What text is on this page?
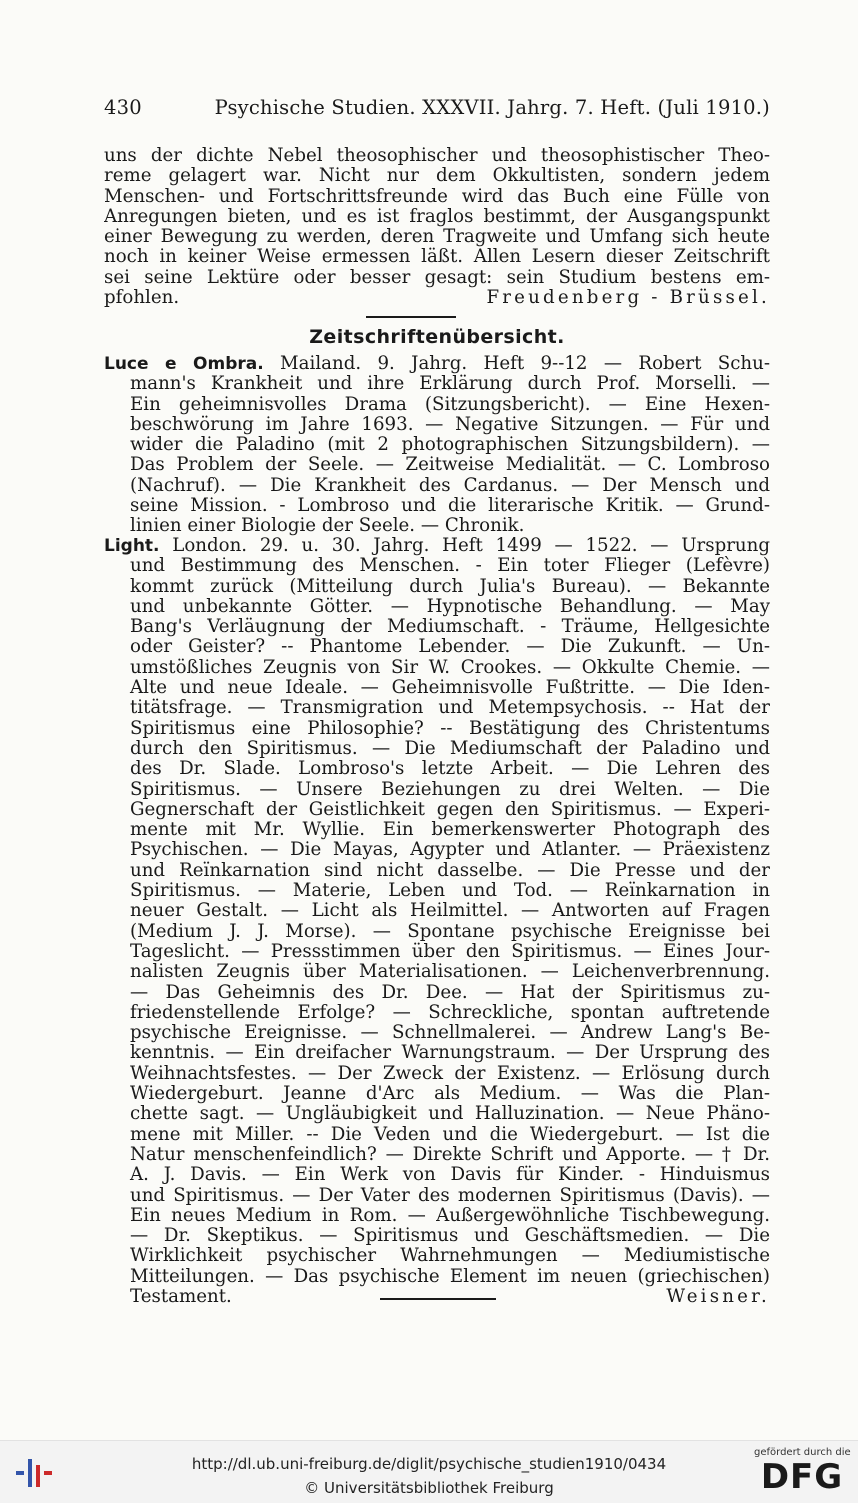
430	Psychische Studien. XXXVII. Jahrg. 7. Heft. (Juli 1910.)
uns der dichte Nebel theosophischer und theosophistischer Theo-
reme gelagert war. Nicht nur dem Okkultisten, sondern jedem
Menschen- und Fortschrittsfreunde wird das Buch eine Fülle von
Anregungen bieten, und es ist fraglos bestimmt, der Ausgangspunkt
einer Bewegung zu werden, deren Tragweite und Umfang sich heute
noch in keiner Weise ermessen läßt. Allen Lesern dieser Zeitschrift
sei seine Lektüre oder besser gesagt: sein Studium bestens em-
pfohlen.	Freudenberg - Brüssel.
Zeitschriftenübersicht.
Luce e Ombra. Mailand. 9. Jahrg. Heft 9--12 — Robert Schu-
mann's Krankheit und ihre Erklärung durch Prof. Morselli. —
Ein geheimnisvolles Drama (Sitzungsbericht). — Eine Hexen-
beschwörung im Jahre 1693. — Negative Sitzungen. — Für und
wider die Paladino (mit 2 photographischen Sitzungsbildern). —
Das Problem der Seele. — Zeitweise Medialität. — C. Lombroso
(Nachruf). — Die Krankheit des Cardanus. — Der Mensch und
seine Mission. - Lombroso und die literarische Kritik. — Grund-
linien einer Biologie der Seele. — Chronik.
Light. London. 29. u. 30. Jahrg. Heft 1499 — 1522. — Ursprung
und Bestimmung des Menschen. - Ein toter Flieger (Lefèvre)
kommt zurück (Mitteilung durch Julia's Bureau). — Bekannte
und unbekannte Götter. — Hypnotische Behandlung. — May
Bang's Verläugnung der Mediumschaft. - Träume, Hellgesichte
oder Geister? -- Phantome Lebender. — Die Zukunft. — Un-
umstößliches Zeugnis von Sir W. Crookes. — Okkulte Chemie. —
Alte und neue Ideale. — Geheimnisvolle Fußtritte. — Die Iden-
titätsfrage. — Transmigration und Metempsychosis. -- Hat der
Spiritismus eine Philosophie? -- Bestätigung des Christentums
durch den Spiritismus. — Die Mediumschaft der Paladino und
des Dr. Slade. Lombroso's letzte Arbeit. — Die Lehren des
Spiritismus. — Unsere Beziehungen zu drei Welten. — Die
Gegnerschaft der Geistlichkeit gegen den Spiritismus. — Experi-
mente mit Mr. Wyllie. Ein bemerkenswerter Photograph des
Psychischen. — Die Mayas, Ägypter und Atlanter. — Präexistenz
und Reïnkarnation sind nicht dasselbe. — Die Presse und der
Spiritismus. — Materie, Leben und Tod. — Reïnkarnation in
neuer Gestalt. — Licht als Heilmittel. — Antworten auf Fragen
(Medium J. J. Morse). — Spontane psychische Ereignisse bei
Tageslicht. — Pressstimmen über den Spiritismus. — Eines Jour-
nalisten Zeugnis über Materialisationen. — Leichenverbrennung.
— Das Geheimnis des Dr. Dee. — Hat der Spiritismus zu-
friedenstellende Erfolge? — Schreckliche, spontan auftretende
psychische Ereignisse. — Schnellmalerei. — Andrew Lang's Be-
kenntnis. — Ein dreifacher Warnungstraum. — Der Ursprung des
Weihnachtsfestes. — Der Zweck der Existenz. — Erlösung durch
Wiedergeburt. Jeanne d'Arc als Medium. — Was die Plan-
chette sagt. — Ungläubigkeit und Halluzination. — Neue Phäno-
mene mit Miller. -- Die Veden und die Wiedergeburt. — Ist die
Natur menschenfeindlich? — Direkte Schrift und Apporte. — † Dr.
A. J. Davis. — Ein Werk von Davis für Kinder. - Hinduismus
und Spiritismus. — Der Vater des modernen Spiritismus (Davis). —
Ein neues Medium in Rom. — Außergewöhnliche Tischbewegung.
— Dr. Skeptikus. — Spiritismus und Geschäftsmedien. — Die
Wirklichkeit psychischer Wahrnehmungen — Mediumistische
Mitteilungen. — Das psychische Element im neuen (griechischen)
Testament.	Weisner.
http://dl.ub.uni-freiburg.de/diglit/psychische_studien1910/0434
© Universitätsbibliothek Freiburg
gefördert durch die
DFG
